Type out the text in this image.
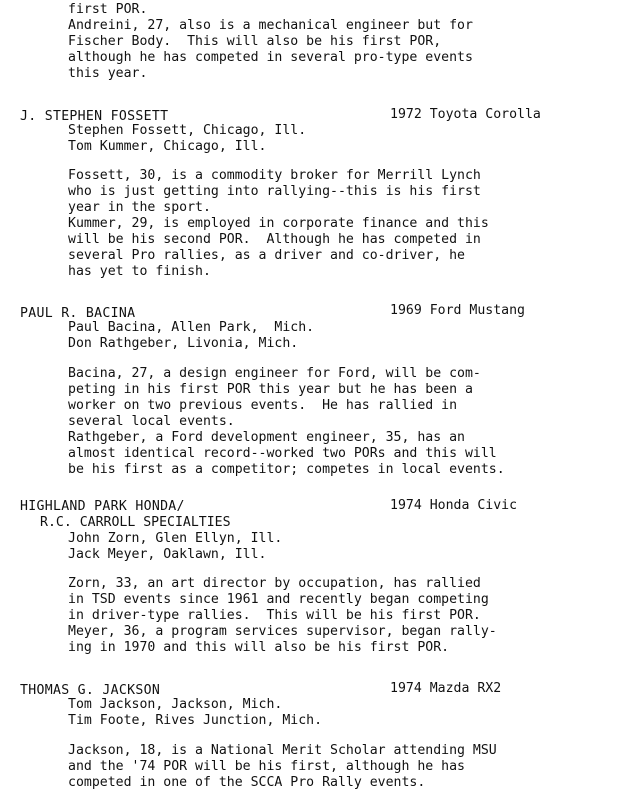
first POR.
Andreini, 27, also is a mechanical engineer but for
Fischer Body.  This will also be his first POR,
although he has competed in several pro-type events
this year.
J. STEPHEN FOSSETT	1972 Toyota Corolla
Stephen Fossett, Chicago, Ill.
Tom Kummer, Chicago, Ill.
Fossett, 30, is a commodity broker for Merrill Lynch
who is just getting into rallying--this is his first
year in the sport.
Kummer, 29, is employed in corporate finance and this
will be his second POR.  Although he has competed in
several Pro rallies, as a driver and co-driver, he
has yet to finish.
PAUL R. BACINA	1969 Ford Mustang
Paul Bacina, Allen Park,  Mich.
Don Rathgeber, Livonia, Mich.
Bacina, 27, a design engineer for Ford, will be com-
peting in his first POR this year but he has been a
worker on two previous events.  He has rallied in
several local events.
Rathgeber, a Ford development engineer, 35, has an
almost identical record--worked two PORs and this will
be his first as a competitor; competes in local events.
HIGHLAND PARK HONDA/	1974 Honda Civic
R.C. CARROLL SPECIALTIES
John Zorn, Glen Ellyn, Ill.
Jack Meyer, Oaklawn, Ill.
Zorn, 33, an art director by occupation, has rallied
in TSD events since 1961 and recently began competing
in driver-type rallies.  This will be his first POR.
Meyer, 36, a program services supervisor, began rally-
ing in 1970 and this will also be his first POR.
THOMAS G. JACKSON	1974 Mazda RX2
Tom Jackson, Jackson, Mich.
Tim Foote, Rives Junction, Mich.
Jackson, 18, is a National Merit Scholar attending MSU
and the '74 POR will be his first, although he has
competed in one of the SCCA Pro Rally events.
